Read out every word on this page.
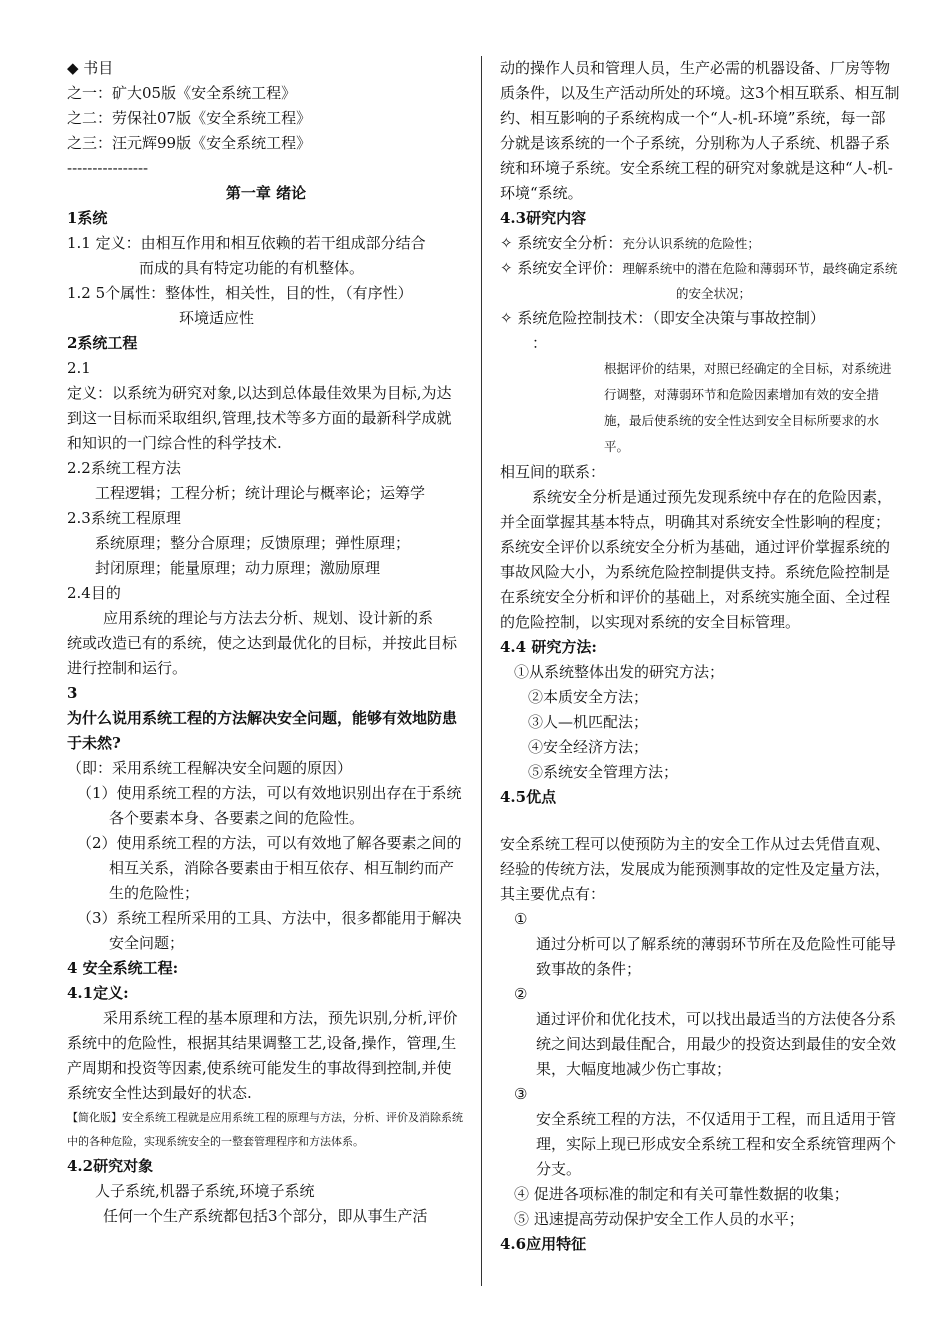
◆ 书目

之一：矿大05版《安全系统工程》

之二：劳保社07版《安全系统工程》

之三：汪元辉99版《安全系统工程》

----------------

第一章 绪论

1系统

1.1 定义：由相互作用和相互依赖的若干组成部分结合

而成的具有特定功能的有机整体。

1.2 5个属性：整体性，相关性，目的性，（有序性）

环境适应性

2系统工程

2.1

定义：以系统为研究对象,以达到总体最佳效果为目标,为达到这一目标而采取组织,管理,技术等多方面的最新科学成就和知识的一门综合性的科学技术.

2.2系统工程方法

工程逻辑；工程分析；统计理论与概率论；运筹学

2.3系统工程原理

系统原理；整分合原理；反馈原理；弹性原理；

封闭原理；能量原理；动力原理；激励原理

2.4目的

应用系统的理论与方法去分析、规划、设计新的系

统或改造已有的系统，使之达到最优化的目标，并按此目标进行控制和运行。

3

为什么说用系统工程的方法解决安全问题，能够有效地防患于未然?

（即：采用系统工程解决安全问题的原因）

（1）使用系统工程的方法，可以有效地识别出存在于系统各个要素本身、各要素之间的危险性。

（2）使用系统工程的方法，可以有效地了解各要素之间的相互关系，消除各要素由于相互依存、相互制约而产生的危险性；

（3）系统工程所采用的工具、方法中，很多都能用于解决安全问题；

4 安全系统工程:

4.1定义:

采用系统工程的基本原理和方法，预先识别,分析,评价系统中的危险性，根据其结果调整工艺,设备,操作，管理,生产周期和投资等因素,使系统可能发生的事故得到控制,并使系统安全性达到最好的状态.

【简化版】安全系统工程就是应用系统工程的原理与方法，分析、评价及消除系统中的各种危险，实现系统安全的一整套管理程序和方法体系。

4.2研究对象

人子系统,机器子系统,环境子系统

任何一个生产系统都包括3个部分，即从事生产活

动的操作人员和管理人员，生产必需的机器设备、厂房等物质条件，以及生产活动所处的环境。这3个相互联系、相互制约、相互影响的子系统构成一个“人-机-环境”系统，每一部分就是该系统的一个子系统，分别称为人子系统、机器子系统和环境子系统。安全系统工程的研究对象就是这种“人-机-环境“系统。

4.3研究内容

✧ 系统安全分析：充分认识系统的危险性；

✧ 系统安全评价：理解系统中的潜在危险和薄弱环节，最终确定系统的安全状况；

✧ 系统危险控制技术：（即安全决策与事故控制）

：

根据评价的结果，对照已经确定的全目标，对系统进行调整，对薄弱环节和危险因素增加有效的安全措施，最后使系统的安全性达到安全目标所要求的水平。

相互间的联系：

系统安全分析是通过预先发现系统中存在的危险因素，并全面掌握其基本特点，明确其对系统安全性影响的程度；系统安全评价以系统安全分析为基础，通过评价掌握系统的事故风险大小，为系统危险控制提供支持。系统危险控制是在系统安全分析和评价的基础上，对系统实施全面、全过程的危险控制，以实现对系统的安全目标管理。

4.4 研究方法:

①从系统整体出发的研究方法；

②本质安全方法；

③人—机匹配法；

④安全经济方法；

⑤系统安全管理方法；

4.5优点

安全系统工程可以使预防为主的安全工作从过去凭借直观、经验的传统方法，发展成为能预测事故的定性及定量方法，其主要优点有：

①

通过分析可以了解系统的薄弱环节所在及危险性可能导致事故的条件；

②

通过评价和优化技术，可以找出最适当的方法使各分系统之间达到最佳配合，用最少的投资达到最佳的安全效果，大幅度地减少伤亡事故；

③

安全系统工程的方法，不仅适用于工程，而且适用于管理，实际上现已形成安全系统工程和安全系统管理两个分支。

④ 促进各项标准的制定和有关可靠性数据的收集；

⑤ 迅速提高劳动保护安全工作人员的水平；

4.6应用特征
